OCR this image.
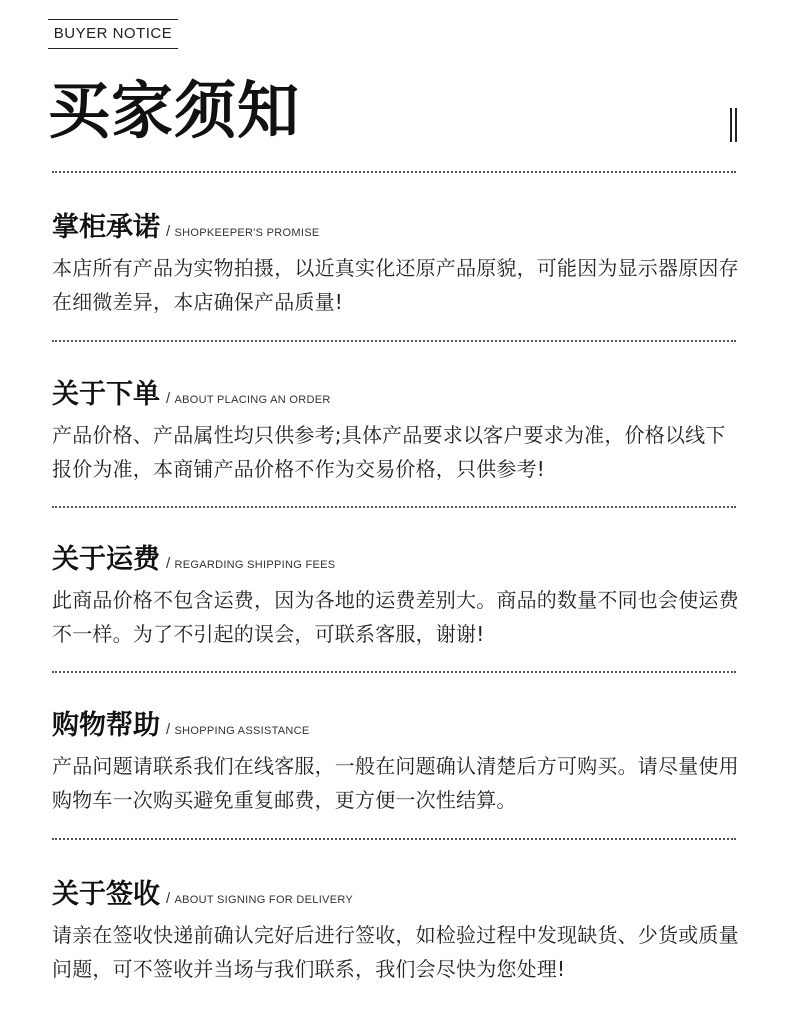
BUYER NOTICE
买家须知
掌柜承诺 / SHOPKEEPER'S PROMISE
本店所有产品为实物拍摄，以近真实化还原产品原貌，可能因为显示器原因存在细微差异，本店确保产品质量!
关于下单 / ABOUT PLACING AN ORDER
产品价格、产品属性均只供参考;具体产品要求以客户要求为准，价格以线下报价为准，本商铺产品价格不作为交易价格，只供参考!
关于运费 / REGARDING SHIPPING FEES
此商品价格不包含运费，因为各地的运费差别大。商品的数量不同也会使运费不一样。为了不引起的误会，可联系客服，谢谢!
购物帮助 / SHOPPING ASSISTANCE
产品问题请联系我们在线客服，一般在问题确认清楚后方可购买。请尽量使用购物车一次购买避免重复邮费，更方便一次性结算。
关于签收 / ABOUT SIGNING FOR DELIVERY
请亲在签收快递前确认完好后进行签收，如检验过程中发现缺货、少货或质量问题，可不签收并当场与我们联系，我们会尽快为您处理!
